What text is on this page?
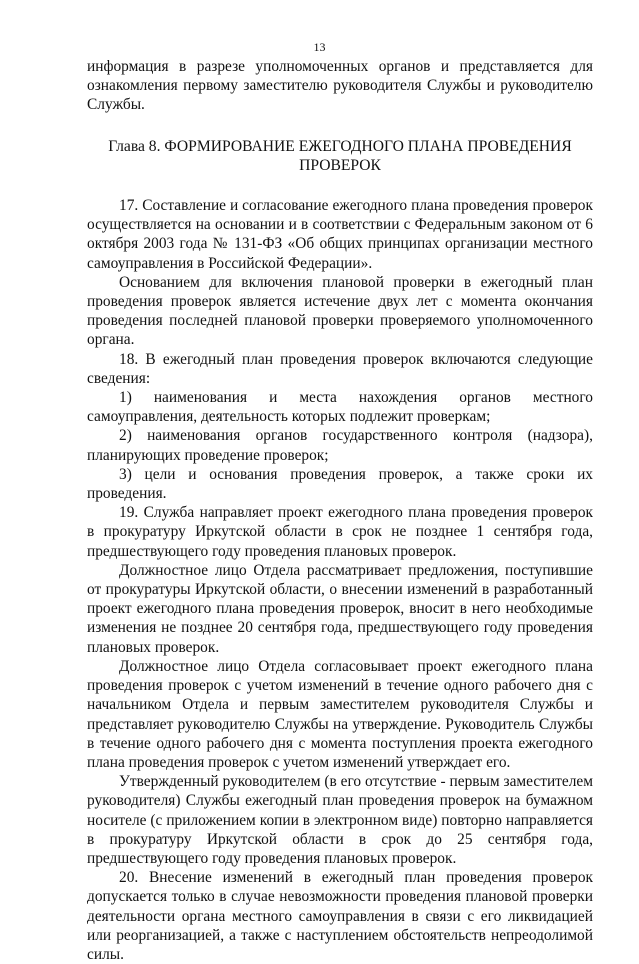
13

информация в разрезе уполномоченных органов и представляется для ознакомления первому заместителю руководителя Службы и руководителю Службы.

Глава 8. ФОРМИРОВАНИЕ ЕЖЕГОДНОГО ПЛАНА ПРОВЕДЕНИЯ ПРОВЕРОК

17. Составление и согласование ежегодного плана проведения проверок осуществляется на основании и в соответствии с Федеральным законом от 6 октября 2003 года № 131-ФЗ «Об общих принципах организации местного самоуправления в Российской Федерации».

Основанием для включения плановой проверки в ежегодный план проведения проверок является истечение двух лет с момента окончания проведения последней плановой проверки проверяемого уполномоченного органа.

18. В ежегодный план проведения проверок включаются следующие сведения:

1) наименования и места нахождения органов местного самоуправления, деятельность которых подлежит проверкам;

2) наименования органов государственного контроля (надзора), планирующих проведение проверок;

3) цели и основания проведения проверок, а также сроки их проведения.

19. Служба направляет проект ежегодного плана проведения проверок в прокуратуру Иркутской области в срок не позднее 1 сентября года, предшествующего году проведения плановых проверок.

Должностное лицо Отдела рассматривает предложения, поступившие от прокуратуры Иркутской области, о внесении изменений в разработанный проект ежегодного плана проведения проверок, вносит в него необходимые изменения не позднее 20 сентября года, предшествующего году проведения плановых проверок.

Должностное лицо Отдела согласовывает проект ежегодного плана проведения проверок с учетом изменений в течение одного рабочего дня с начальником Отдела и первым заместителем руководителя Службы и представляет руководителю Службы на утверждение. Руководитель Службы в течение одного рабочего дня с момента поступления проекта ежегодного плана проведения проверок с учетом изменений утверждает его.

Утвержденный руководителем (в его отсутствие - первым заместителем руководителя) Службы ежегодный план проведения проверок на бумажном носителе (с приложением копии в электронном виде) повторно направляется в прокуратуру Иркутской области в срок до 25 сентября года, предшествующего году проведения плановых проверок.

20. Внесение изменений в ежегодный план проведения проверок допускается только в случае невозможности проведения плановой проверки деятельности органа местного самоуправления в связи с его ликвидацией или реорганизацией, а также с наступлением обстоятельств непреодолимой силы.
